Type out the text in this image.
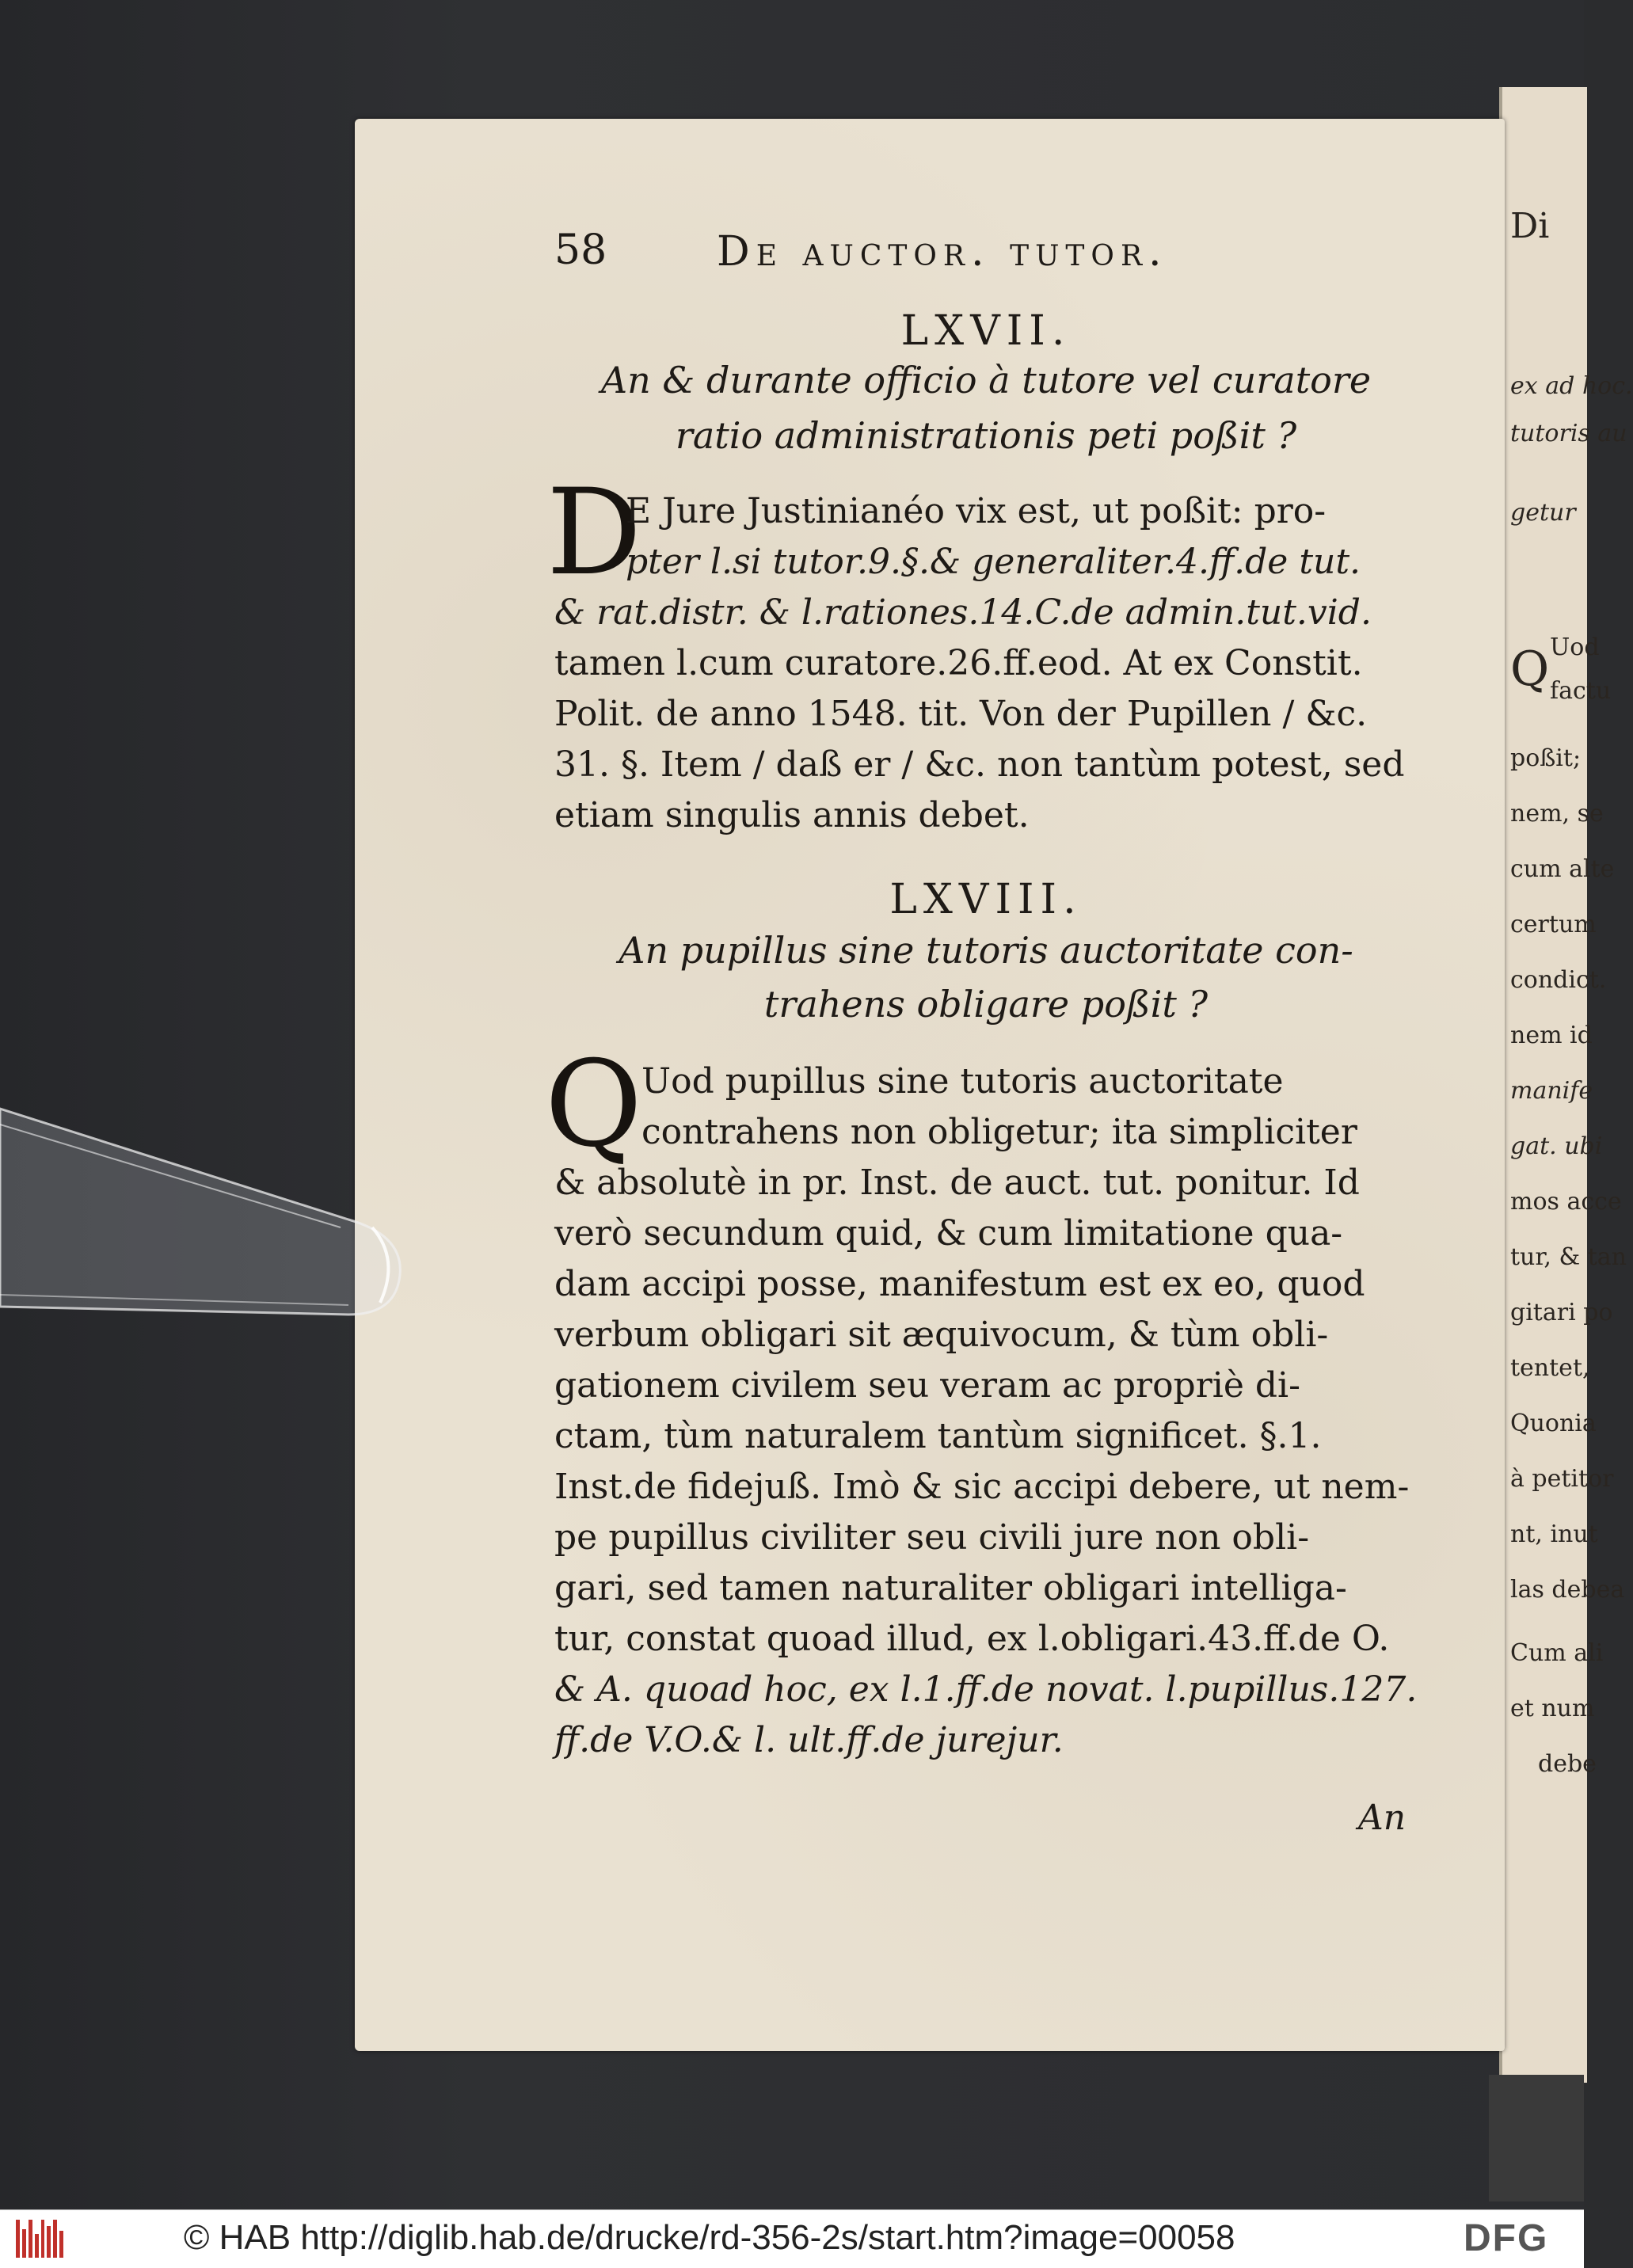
Di
ex ad hoc.
tutoris au
getur
Q Uod
factu
poßit;
nem, se
cum alte
certum
condict.
nem id
manife
gat. ubi
mos acce
tur, & tan
gitari po
tentet,
Quonia
à petitor
nt, inut
las debea
Cum ali
et num
debe
58	De auctor. tutor.
LXVII.
An & durante officio à tutore vel curatore
ratio administrationis peti poßit ?
D
E Jure Justinianéo vix est, ut poßit: pro-
pter l.si tutor.9.§.& generaliter.4.ff.de tut.
& rat.distr. & l.rationes.14.C.de admin.tut.vid.
tamen l.cum curatore.26.ff.eod. At ex Constit.
Polit. de anno 1548. tit. Von der Pupillen / &c.
31. §. Item / daß er / &c. non tantùm potest, sed
etiam singulis annis debet.
LXVIII.
An pupillus sine tutoris auctoritate con-
trahens obligare poßit ?
Q Uod pupillus sine tutoris auctoritate
contrahens non obligetur; ita simpliciter
& absolutè in pr. Inst. de auct. tut. ponitur. Id
verò secundum quid, & cum limitatione qua-
dam accipi posse, manifestum est ex eo, quod
verbum obligari sit æquivocum, & tùm obli-
gationem civilem seu veram ac propriè di-
ctam, tùm naturalem tantùm significet. §.1.
Inst.de fidejuß. Imò & sic accipi debere, ut nem-
pe pupillus civiliter seu civili jure non obli-
gari, sed tamen naturaliter obligari intelliga-
tur, constat quoad illud, ex l.obligari.43.ff.de O.
& A. quoad hoc, ex l.1.ff.de novat. l.pupillus.127.
ff.de V.O.& l. ult.ff.de jurejur.
An
© HAB http://diglib.hab.de/drucke/rd-356-2s/start.htm?image=00058	DFG
